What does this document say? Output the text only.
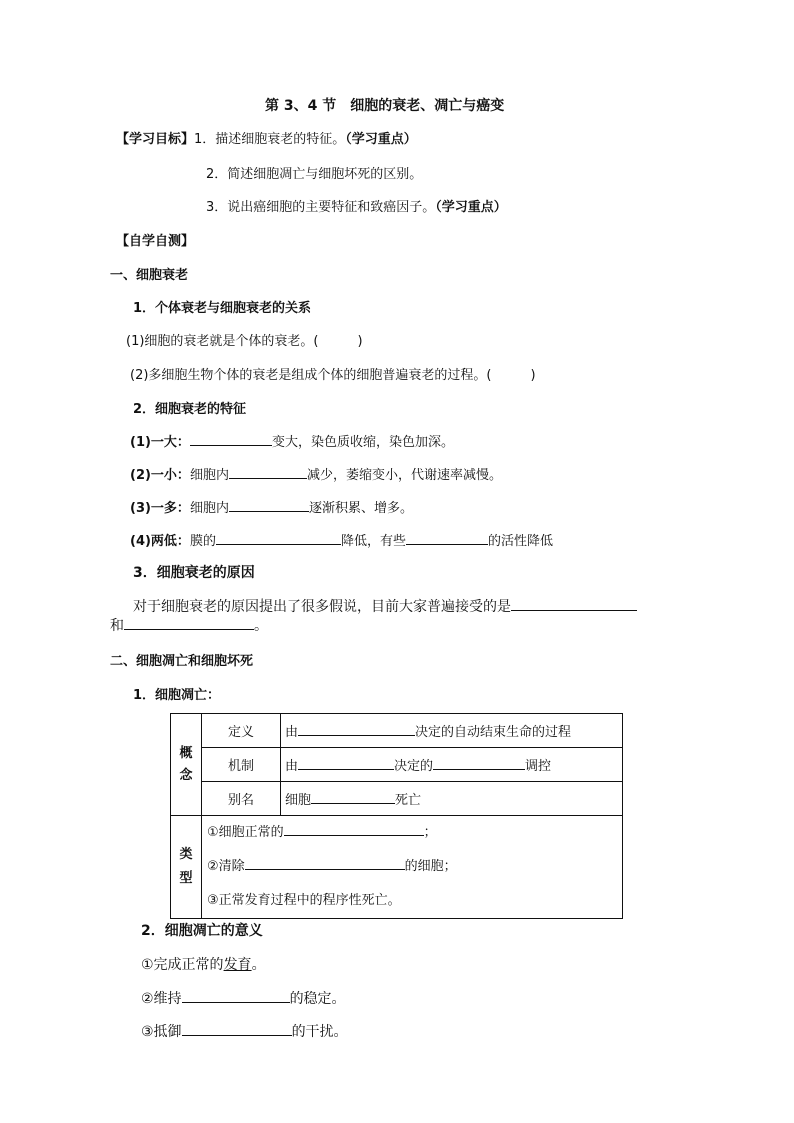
第 3、4 节　细胞的衰老、凋亡与癌变
【学习目标】1．描述细胞衰老的特征。（学习重点）
2．简述细胞凋亡与细胞坏死的区别。
3．说出癌细胞的主要特征和致癌因子。（学习重点）
【自学自测】
一、细胞衰老
1．个体衰老与细胞衰老的关系
(1)细胞的衰老就是个体的衰老。(　　　)
(2)多细胞生物个体的衰老是组成个体的细胞普遍衰老的过程。(　　　)
2．细胞衰老的特征
(1)一大：	变大，染色质收缩，染色加深。
(2)一小：细胞内	减少，萎缩变小，代谢速率减慢。
(3)一多：细胞内	逐渐积累、增多。
(4)两低：膜的	降低，有些	的活性降低
3．细胞衰老的原因
对于细胞衰老的原因提出了很多假说，目前大家普遍接受的是
和	。
二、细胞凋亡和细胞坏死
1．细胞凋亡：
概念	定义	由 决定的自动结束生命的过程
	机制	由 决定的 调控
	别名	细胞 死亡

类型	①细胞正常的 ；
②清除 的细胞；
③正常发育过程中的程序性死亡。	
2．细胞凋亡的意义
①完成正常的发育。
②维持	的稳定。
③抵御	的干扰。
